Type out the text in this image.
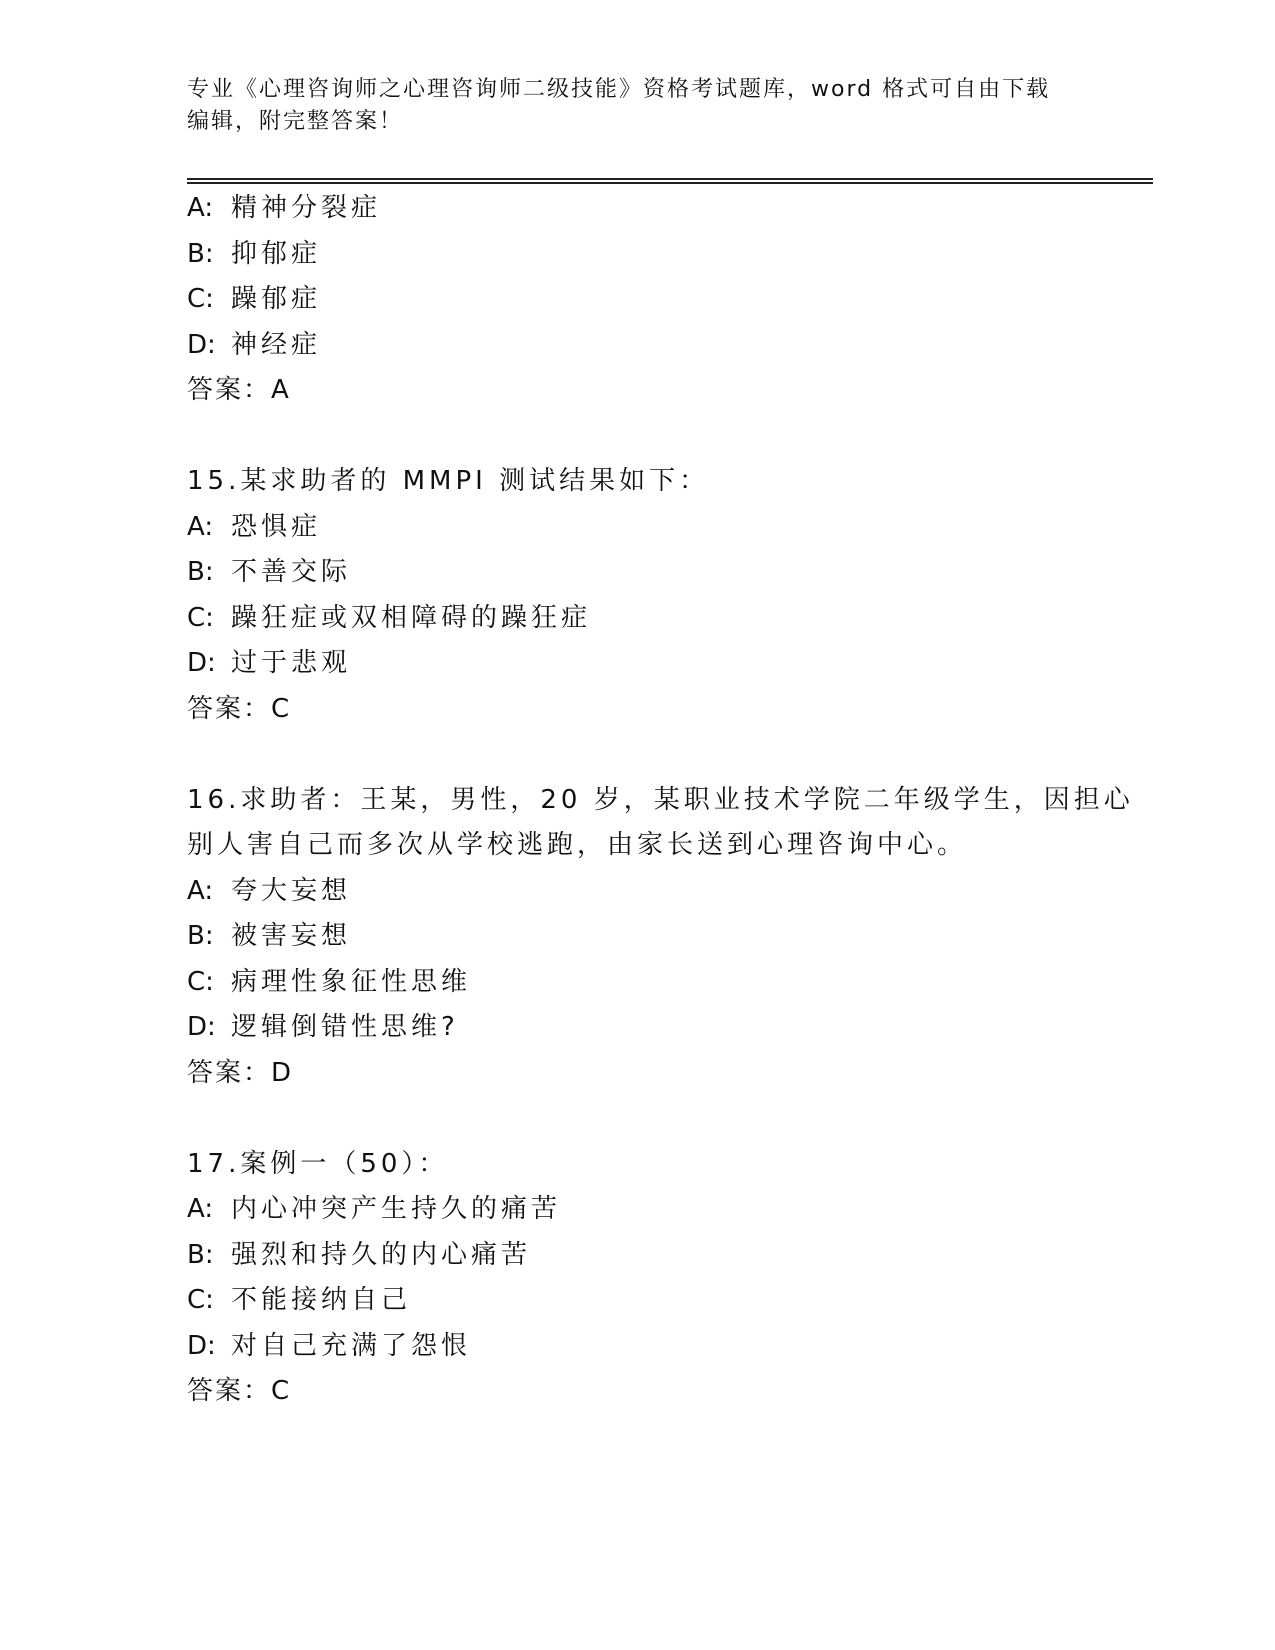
专业《心理咨询师之心理咨询师二级技能》资格考试题库，word 格式可自由下载
编辑，附完整答案！
A: 精神分裂症
B: 抑郁症
C: 躁郁症
D: 神经症
答案：A
15.某求助者的 MMPI 测试结果如下：
A: 恐惧症
B: 不善交际
C: 躁狂症或双相障碍的躁狂症
D: 过于悲观
答案：C
16.求助者：王某，男性，20 岁，某职业技术学院二年级学生，因担心
别人害自己而多次从学校逃跑，由家长送到心理咨询中心。
A: 夸大妄想
B: 被害妄想
C: 病理性象征性思维
D: 逻辑倒错性思维?
答案：D
17.案例一（50）：
A: 内心冲突产生持久的痛苦
B: 强烈和持久的内心痛苦
C: 不能接纳自己
D: 对自己充满了怨恨
答案：C
